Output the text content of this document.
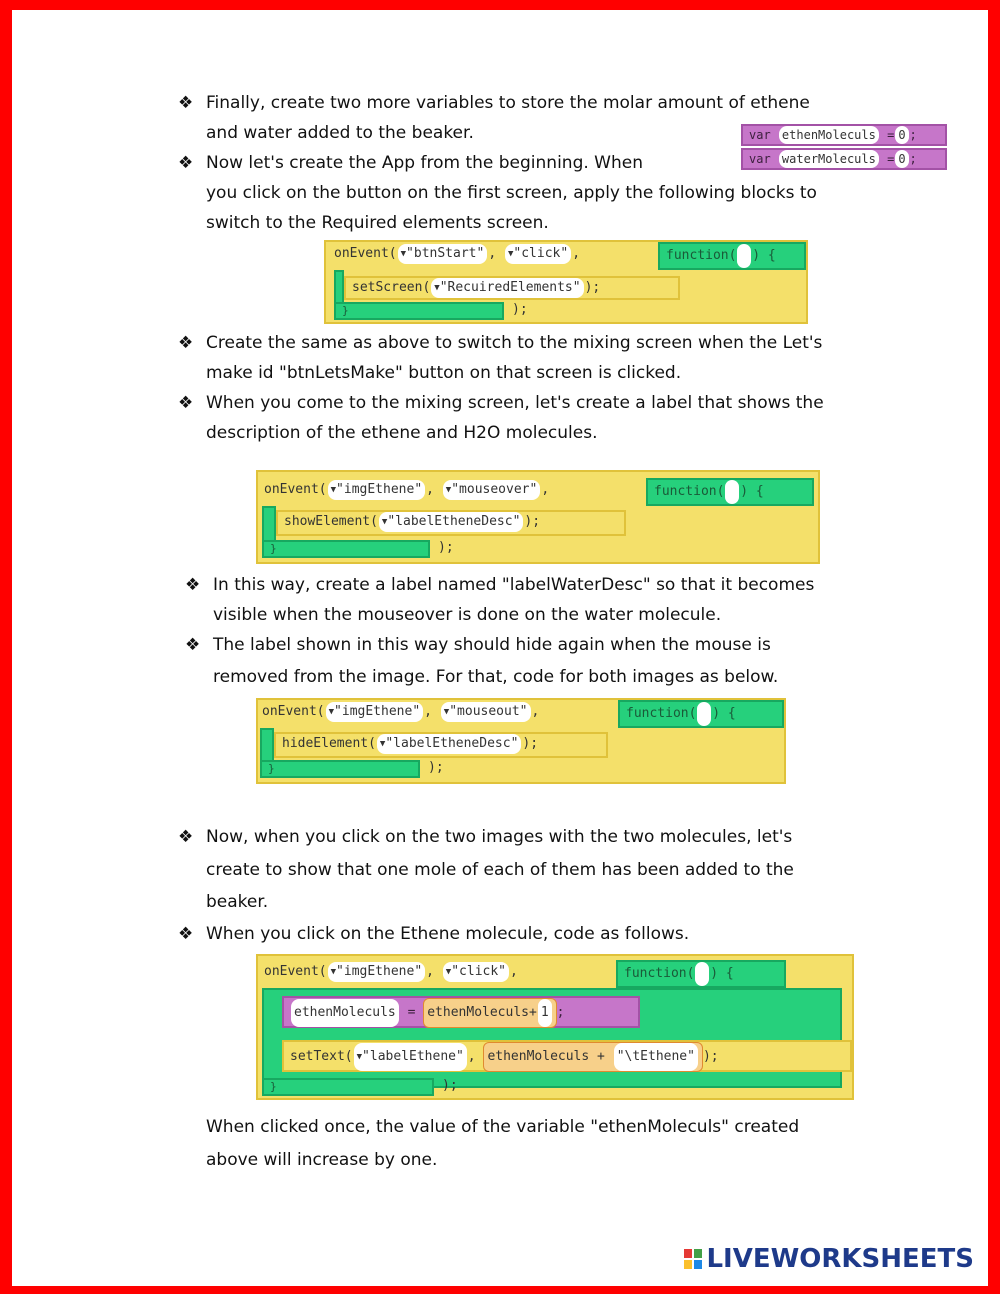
❖ Finally, create two more variables to store the molar amount of ethene
and water added to the beaker.	var ethenMoleculs = 0 ;
var waterMoleculs = 0 ;
❖ Now let's create the App from the beginning. When
you click on the button on the first screen, apply the following blocks to
switch to the Required elements screen.
onEvent( ▼"btnStart" , ▼"click" ,	function( ) {
setScreen( ▼"RecuiredElements" );
}	);
❖ Create the same as above to switch to the mixing screen when the Let's
make id "btnLetsMake" button on that screen is clicked.
❖ When you come to the mixing screen, let's create a label that shows the
description of the ethene and H2O molecules.
onEvent( ▼"imgEthene" , ▼"mouseover" ,	function( ) {
showElement( ▼"labelEtheneDesc" );
}	);
❖ In this way, create a label named "labelWaterDesc" so that it becomes
visible when the mouseover is done on the water molecule.
❖ The label shown in this way should hide again when the mouse is
removed from the image. For that, code for both images as below.
onEvent( ▼"imgEthene" , ▼"mouseout" ,	function( ) {
hideElement( ▼"labelEtheneDesc" );
}	);
❖ Now, when you click on the two images with the two molecules, let's
create to show that one mole of each of them has been added to the
beaker.
❖ When you click on the Ethene molecule, code as follows.
onEvent( ▼"imgEthene" , ▼"click" ,	function( ) {
ethenMoleculs = ethenMoleculs+ 1 ;
setText( ▼"labelEthene" , ethenMoleculs + "\tEthene" );
}	);
When clicked once, the value of the variable "ethenMoleculs" created
above will increase by one.
LIVEWORKSHEETS
